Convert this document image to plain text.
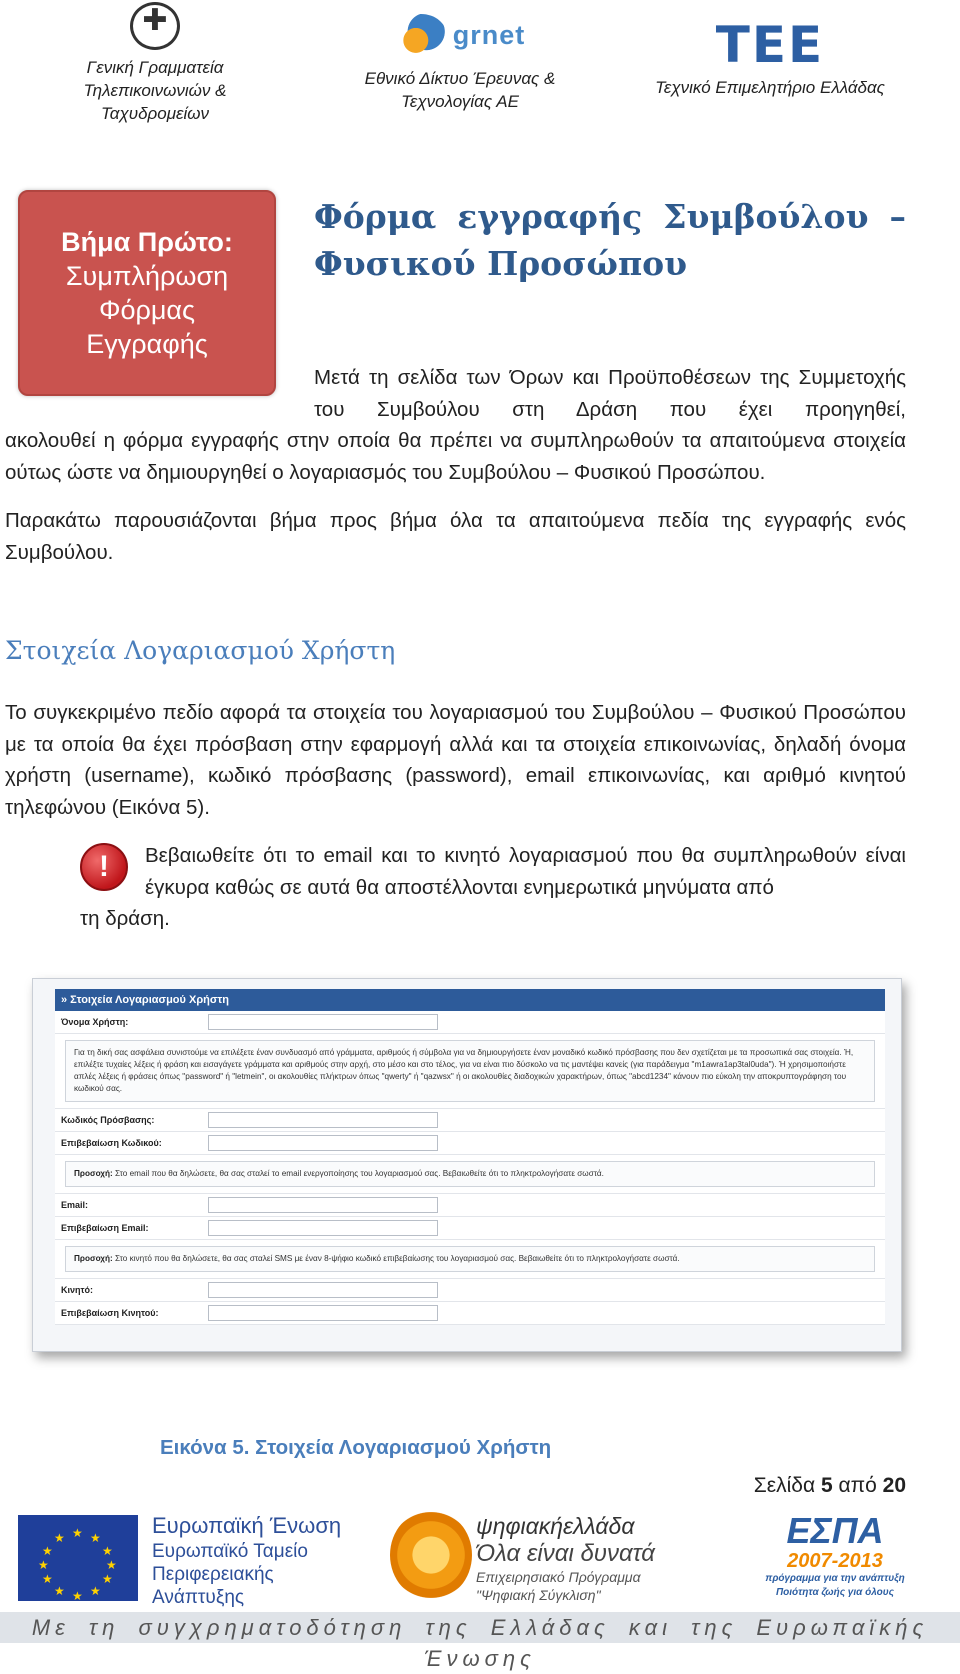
✚
Γενική Γραμματεία
Τηλεπικοινωνιών &
Ταχυδρομείων
grnet
Εθνικό Δίκτυο Έρευνας &
Τεχνολογίας ΑΕ
ΤΕΕ
Τεχνικό Επιμελητήριο Ελλάδας
Βήμα Πρώτο:
Συμπλήρωση
Φόρμας
Εγγραφής
Φόρμα εγγραφής Συμβούλου –
Φυσικού Προσώπου
Μετά τη σελίδα των Όρων και Προϋποθέσεων της Συμμετοχής του Συμβούλου στη Δράση που έχει προηγηθεί,
ακολουθεί η φόρμα εγγραφής στην οποία θα πρέπει να συμπληρωθούν τα απαιτούμενα στοιχεία ούτως ώστε να δημιουργηθεί ο λογαριασμός του Συμβούλου – Φυσικού Προσώπου.
Παρακάτω παρουσιάζονται βήμα προς βήμα όλα τα απαιτούμενα πεδία της εγγραφής ενός Συμβούλου.
Στοιχεία Λογαριασμού Χρήστη
Το συγκεκριμένο πεδίο αφορά τα στοιχεία του λογαριασμού του Συμβούλου – Φυσικού Προσώπου με τα οποία θα έχει πρόσβαση στην εφαρμογή αλλά και τα στοιχεία επικοινωνίας, δηλαδή όνομα χρήστη (username), κωδικό πρόσβασης (password), email επικοινωνίας, και αριθμό κινητού τηλεφώνου (Εικόνα 5).
!	Βεβαιωθείτε ότι το email και το κινητό λογαριασμού που θα συμπληρωθούν είναι έγκυρα καθώς σε αυτά θα αποστέλλονται ενημερωτικά μηνύματα από
τη δράση.
» Στοιχεία Λογαριασμού Χρήστη
Όνομα Χρήστη:
Για τη δική σας ασφάλεια συνιστούμε να επιλέξετε έναν συνδυασμό από γράμματα, αριθμούς ή σύμβολα για να δημιουργήσετε έναν μοναδικό κωδικό πρόσβασης που δεν σχετίζεται με τα προσωπικά σας στοιχεία. Ή, επιλέξτε τυχαίες λέξεις ή φράση και εισαγάγετε γράμματα και αριθμούς στην αρχή, στο μέσο και στο τέλος, για να είναι πιο δύσκολο να τις μαντέψει κανείς (για παράδειγμα "m1awra1ap3tal0uda"). Ή χρησιμοποιήστε απλές λέξεις ή φράσεις όπως "password" ή "letmein", οι ακολουθίες πλήκτρων όπως "qwerty" ή "qazwsx" ή οι ακολουθίες διαδοχικών χαρακτήρων, όπως "abcd1234" κάνουν πιο εύκολη την αποκρυπτογράφηση του κωδικού σας.
Κωδικός Πρόσβασης:
Επιβεβαίωση Κωδικού:
Προσοχή: Στο email που θα δηλώσετε, θα σας σταλεί το email ενεργοποίησης του λογαριασμού σας. Βεβαιωθείτε ότι το πληκτρολογήσατε σωστά.
Email:
Επιβεβαίωση Email:
Προσοχή: Στο κινητό που θα δηλώσετε, θα σας σταλεί SMS με έναν 8-ψήφιο κωδικό επιβεβαίωσης του λογαριασμού σας. Βεβαιωθείτε ότι το πληκτρολογήσατε σωστά.
Κινητό:
Επιβεβαίωση Κινητού:
Εικόνα 5. Στοιχεία Λογαριασμού Χρήστη
Σελίδα 5 από 20
★ ★
★
★
★
★
★
★
★
★
★
★	Ευρωπαϊκή Ένωση
Ευρωπαϊκό Ταμείο
Περιφερειακής
Ανάπτυξης
ψηφιακήελλάδα
Όλα είναι δυνατά
Επιχειρησιακό Πρόγραμμα
"Ψηφιακή Σύγκλιση"
ΕΣΠΑ
2007-2013
πρόγραμμα για την ανάπτυξη
Ποιότητα ζωής για όλους
Με τη συγχρηματοδότηση της Ελλάδας και της Ευρωπαϊκής Ένωσης
